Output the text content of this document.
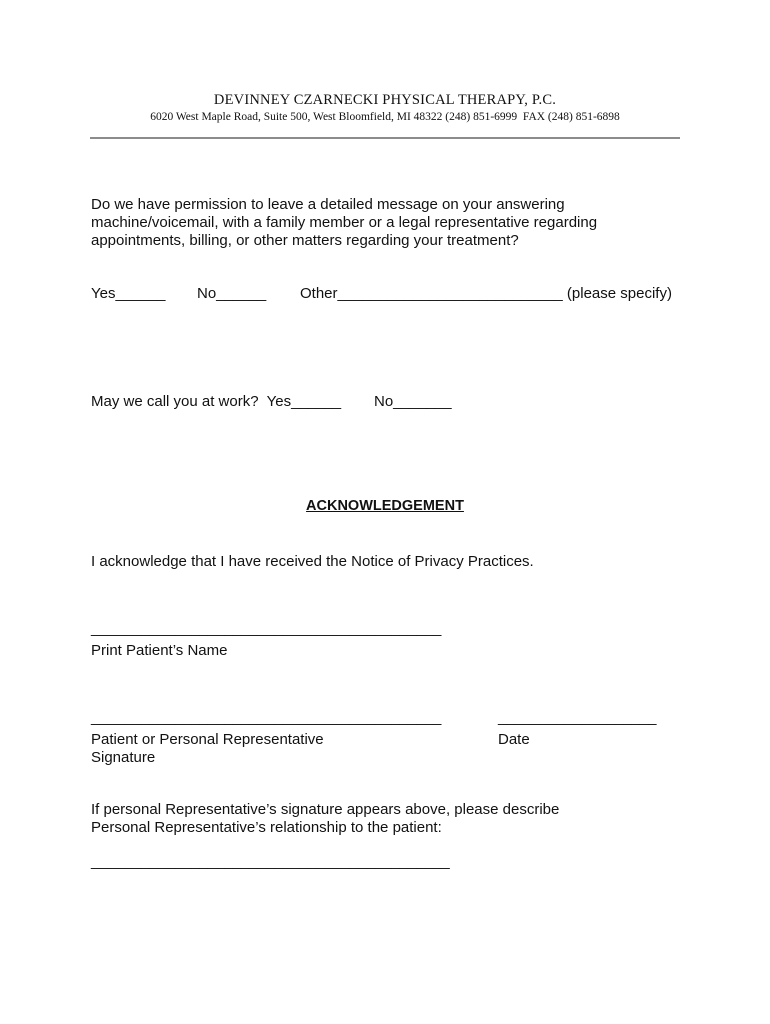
DEVINNEY CZARNECKI PHYSICAL THERAPY, P.C.
6020 West Maple Road, Suite 500, West Bloomfield, MI 48322 (248) 851-6999  FAX (248) 851-6898
Do we have permission to leave a detailed message on your answering
machine/voicemail, with a family member or a legal representative regarding
appointments, billing, or other matters regarding your treatment?
Yes______ No______ Other___________________________ (please specify)
May we call you at work?  Yes______ No_______
ACKNOWLEDGEMENT
I acknowledge that I have received the Notice of Privacy Practices.
__________________________________________
Print Patient’s Name
__________________________________________	___________________
Patient or Personal Representative
Signature
Date
If personal Representative’s signature appears above, please describe
Personal Representative’s relationship to the patient:
___________________________________________
